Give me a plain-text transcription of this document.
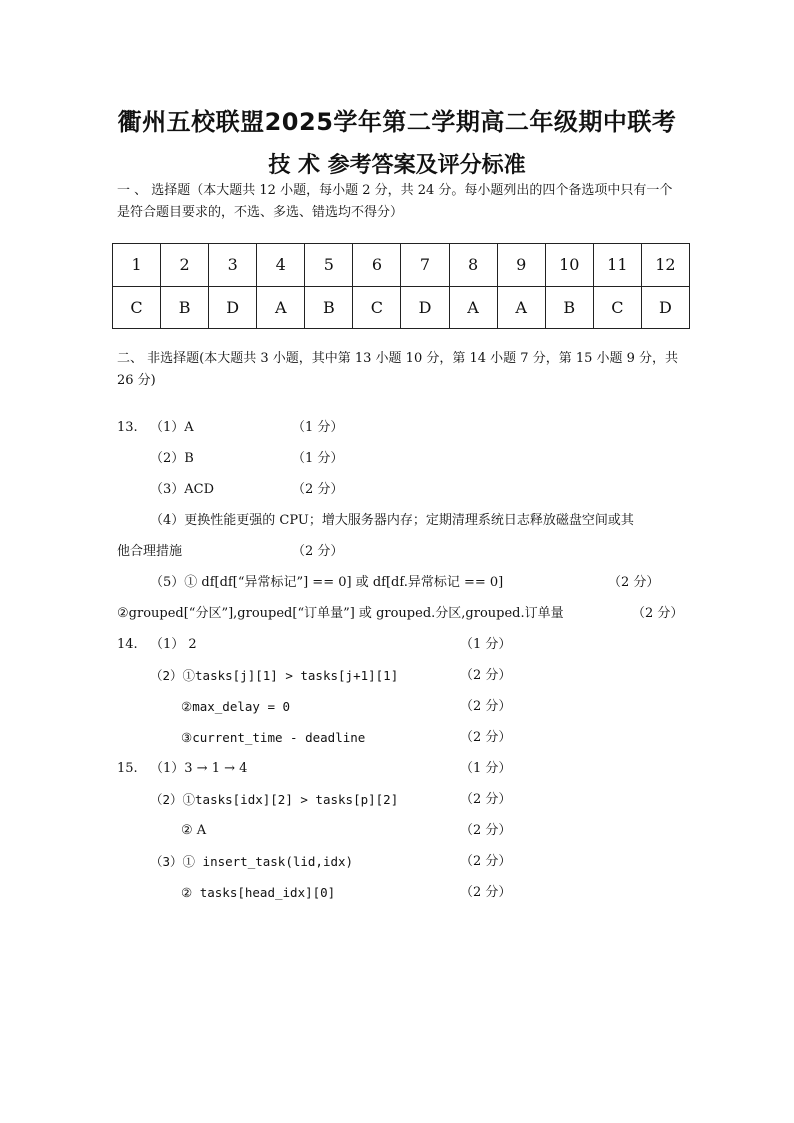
衢州五校联盟2025学年第二学期高二年级期中联考
技 术 参考答案及评分标准
一 、 选择题（本大题共 12 小题，每小题 2 分，共 24 分。每小题列出的四个备选项中只有一个是符合题目要求的，不选、多选、错选均不得分）
1	2	3	4	5	6	7	8	9	10	11	12
C	B	D	A	B	C	D	A	A	B	C	D
二、 非选择题(本大题共 3 小题，其中第 13 小题 10 分，第 14 小题 7 分，第 15 小题 9 分，共 26 分)
13. （1）A	（1 分）
（2）B	（1 分）
（3）ACD	（2 分）
（4）更换性能更强的 CPU；增大服务器内存；定期清理系统日志释放磁盘空间或其
他合理措施	（2 分）
（5）① df[df[“异常标记”] == 0] 或 df[df.异常标记 == 0]	（2 分）
②grouped[“分区”],grouped[“订单量”] 或 grouped.分区,grouped.订单量	（2 分）
14. （1） 2	（1 分）
（2）①tasks[j][1] > tasks[j+1][1]	（2 分）
②max_delay = 0	（2 分）
③current_time - deadline	（2 分）
15. （1）3 → 1 → 4	（1 分）
（2）①tasks[idx][2] > tasks[p][2]	（2 分）
② A	（2 分）
（3）① insert_task(lid,idx)	（2 分）
② tasks[head_idx][0]	（2 分）
